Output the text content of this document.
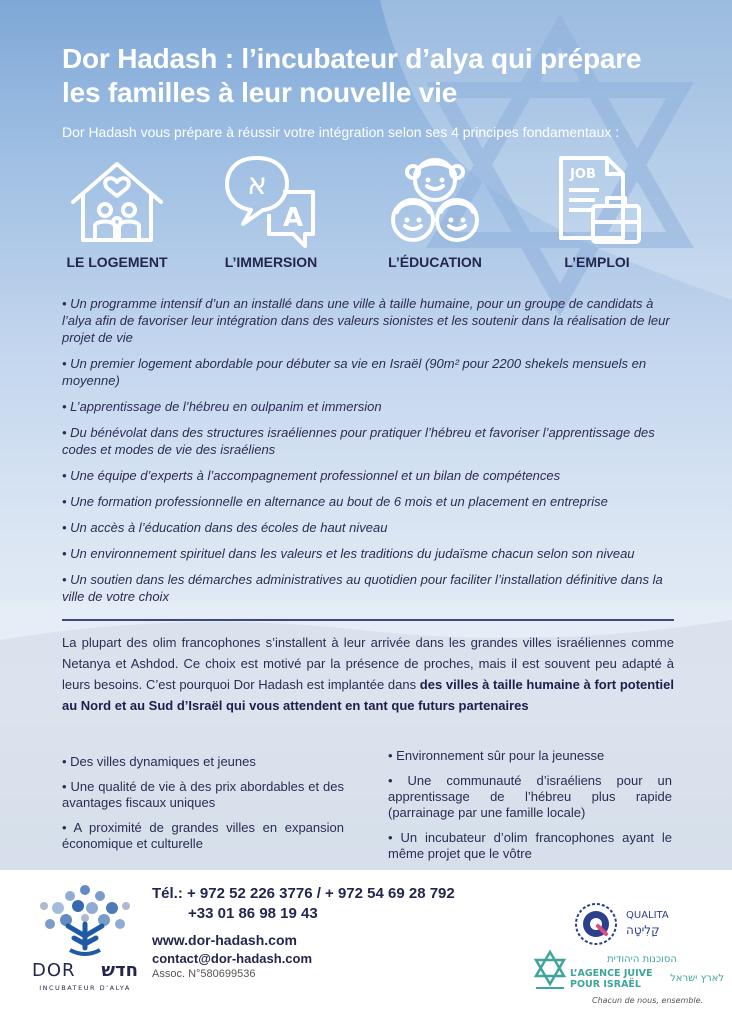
Dor Hadash : l’incubateur d’alya qui prépare
les familles à leur nouvelle vie
Dor Hadash vous prépare à réussir votre intégration selon ses 4 principes fondamentaux :
LE LOGEMENT
א
A
L’IMMERSION	L’ÉDUCATION
JOB
L’EMPLOI

• Un programme intensif d’un an installé dans une ville à taille humaine, pour un groupe de candidats à l’alya afin de favoriser leur intégration dans des valeurs sionistes et les soutenir dans la réalisation de leur projet de vie

• Un premier logement abordable pour débuter sa vie en Israël (90m² pour 2200 shekels mensuels en moyenne)

• L’apprentissage de l’hébreu en oulpanim et immersion

• Du bénévolat dans des structures israéliennes pour pratiquer l’hébreu et favoriser l’apprentissage des codes et modes de vie des israéliens

• Une équipe d’experts à l’accompagnement professionnel et un bilan de compétences

• Une formation professionnelle en alternance au bout de 6 mois et un placement en entreprise

• Un accès à l’éducation dans des écoles de haut niveau

• Un environnement spirituel dans les valeurs et les traditions du judaïsme chacun selon son niveau

• Un soutien dans les démarches administratives au quotidien pour faciliter l’installation définitive dans la ville de votre choix

La plupart des olim francophones s’installent à leur arrivée dans les grandes villes israéliennes comme Netanya et Ashdod. Ce choix est motivé par la présence de proches, mais il est souvent peu adapté à leurs besoins. C’est pourquoi Dor Hadash est implantée dans des villes à taille humaine à fort potentiel au Nord et au Sud d’Israël qui vous attendent en tant que futurs partenaires

• Des villes dynamiques et jeunes

• Une qualité de vie à des prix abordables et des avantages fiscaux uniques

• A proximité de grandes villes en expansion économique et culturelle

• Environnement sûr pour la jeunesse

• Une communauté d’israéliens pour un apprentissage de l’hébreu plus rapide (parrainage par une famille locale)

• Un incubateur d’olim francophones ayant le même projet que le vôtre

DOR חדש
INCUBATEUR D’ALYA
Tél.: + 972 52 226 3776 / + 972 54 69 28 792
+33 01 86 98 19 43
www.dor-hadash.com
contact@dor-hadash.com
Assoc. N°580699536
QUALITA
קַלִיטָה
הסוכנות היהודית
L’AGENCE JUIVE
POUR ISRAËL
לארץ ישראל
Chacun de nous, ensemble.
